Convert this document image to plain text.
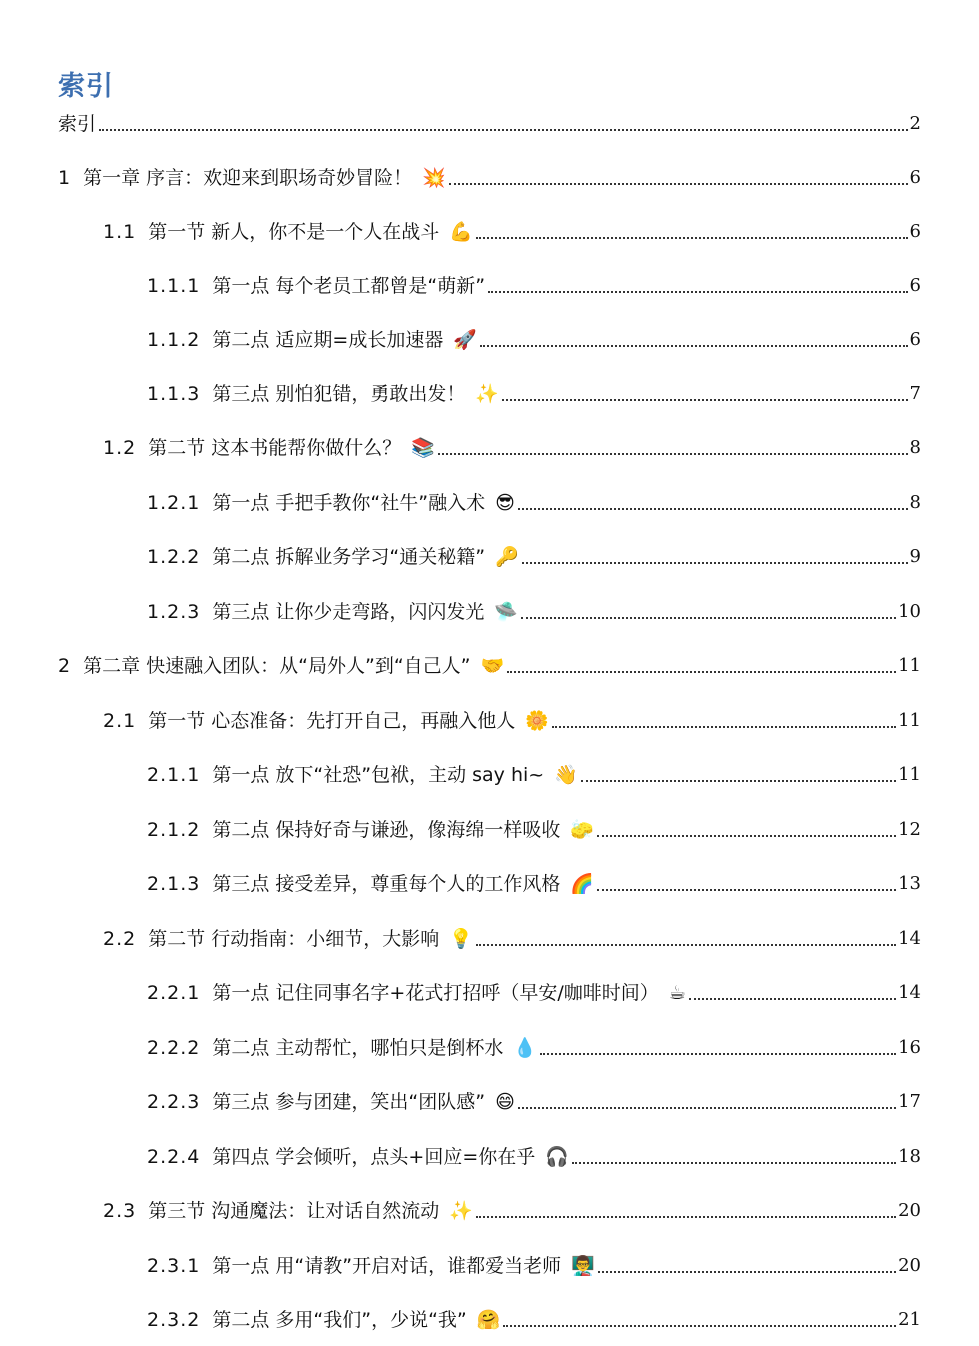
索引
索引	2
1 第一章 序言：欢迎来到职场奇妙冒险！ 💥	6
1.1 第一节 新人，你不是一个人在战斗 💪	6
1.1.1 第一点 每个老员工都曾是“萌新”	6
1.1.2 第二点 适应期=成长加速器 🚀	6
1.1.3 第三点 别怕犯错，勇敢出发！ ✨	7
1.2 第二节 这本书能帮你做什么？ 📚	8
1.2.1 第一点 手把手教你“社牛”融入术 😎	8
1.2.2 第二点 拆解业务学习“通关秘籍” 🔑	9
1.2.3 第三点 让你少走弯路，闪闪发光 🛸	10
2 第二章 快速融入团队：从“局外人”到“自己人” 🤝	11
2.1 第一节 心态准备：先打开自己，再融入他人 🌼	11
2.1.1 第一点 放下“社恐”包袱，主动 say hi~ 👋	11
2.1.2 第二点 保持好奇与谦逊，像海绵一样吸收 🧽	12
2.1.3 第三点 接受差异，尊重每个人的工作风格 🌈	13
2.2 第二节 行动指南：小细节，大影响 💡	14
2.2.1 第一点 记住同事名字+花式打招呼（早安/咖啡时间） ☕	14
2.2.2 第二点 主动帮忙，哪怕只是倒杯水 💧	16
2.2.3 第三点 参与团建，笑出“团队感” 😄	17
2.2.4 第四点 学会倾听，点头+回应=你在乎 🎧	18
2.3 第三节 沟通魔法：让对话自然流动 ✨	20
2.3.1 第一点 用“请教”开启对话，谁都爱当老师 👨‍🏫	20
2.3.2 第二点 多用“我们”，少说“我” 🤗	21
